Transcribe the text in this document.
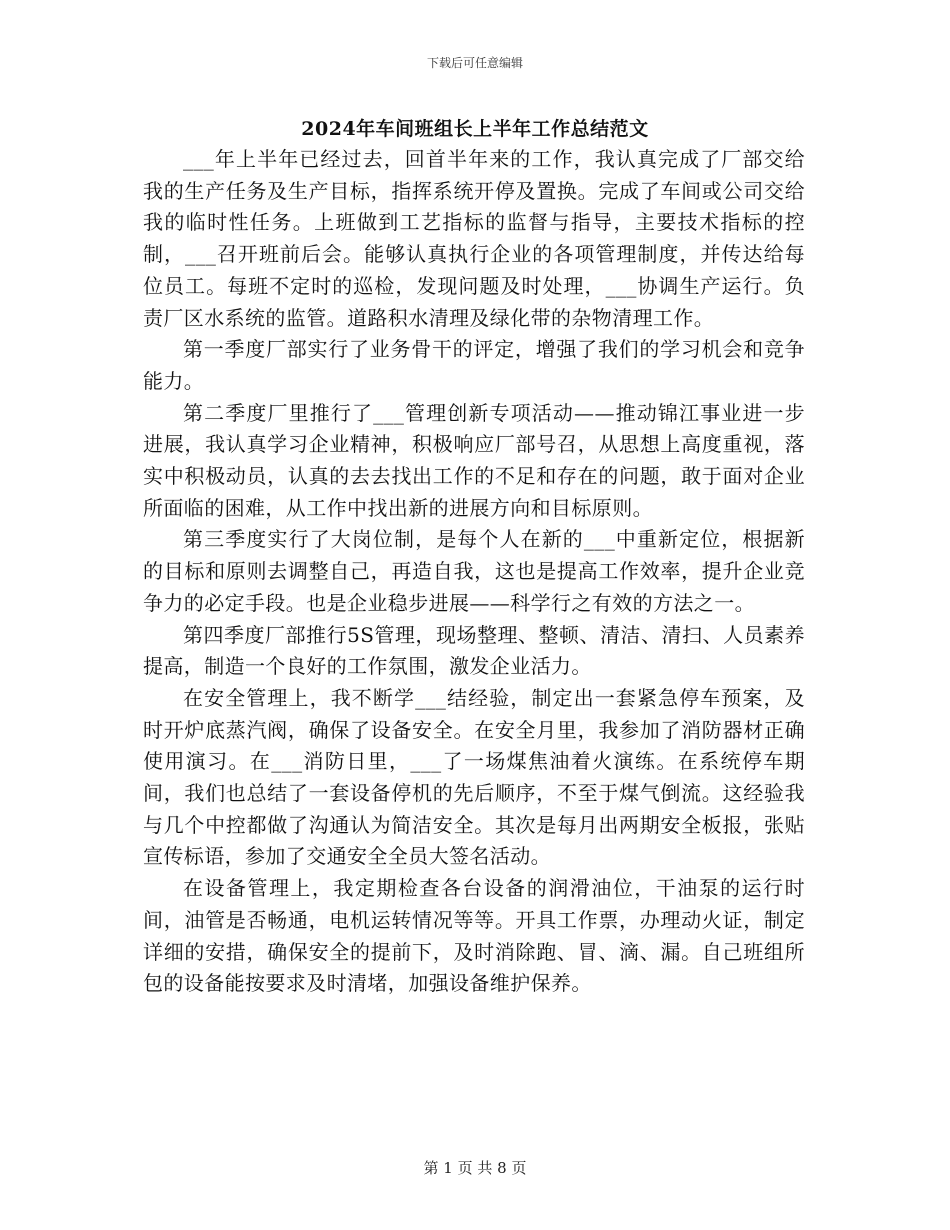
下载后可任意编辑
2024年车间班组长上半年工作总结范文

___年上半年已经过去，回首半年来的工作，我认真完成了厂部交给我的生产任务及生产目标，指挥系统开停及置换。完成了车间或公司交给我的临时性任务。上班做到工艺指标的监督与指导，主要技术指标的控制，___召开班前后会。能够认真执行企业的各项管理制度，并传达给每位员工。每班不定时的巡检，发现问题及时处理，___协调生产运行。负责厂区水系统的监管。道路积水清理及绿化带的杂物清理工作。

第一季度厂部实行了业务骨干的评定，增强了我们的学习机会和竞争能力。

第二季度厂里推行了___管理创新专项活动——推动锦江事业进一步进展，我认真学习企业精神，积极响应厂部号召，从思想上高度重视，落实中积极动员，认真的去去找出工作的不足和存在的问题，敢于面对企业所面临的困难，从工作中找出新的进展方向和目标原则。

第三季度实行了大岗位制，是每个人在新的___中重新定位，根据新的目标和原则去调整自己，再造自我，这也是提高工作效率，提升企业竞争力的必定手段。也是企业稳步进展——科学行之有效的方法之一。

第四季度厂部推行5S管理，现场整理、整顿、清洁、清扫、人员素养提高，制造一个良好的工作氛围，激发企业活力。

在安全管理上，我不断学___结经验，制定出一套紧急停车预案，及时开炉底蒸汽阀，确保了设备安全。在安全月里，我参加了消防器材正确使用演习。在___消防日里，___了一场煤焦油着火演练。在系统停车期间，我们也总结了一套设备停机的先后顺序，不至于煤气倒流。这经验我与几个中控都做了沟通认为简洁安全。其次是每月出两期安全板报，张贴宣传标语，参加了交通安全全员大签名活动。

在设备管理上，我定期检查各台设备的润滑油位，干油泵的运行时间，油管是否畅通，电机运转情况等等。开具工作票，办理动火证，制定详细的安措，确保安全的提前下，及时消除跑、冒、滴、漏。自己班组所包的设备能按要求及时清堵，加强设备维护保养。

第 1 页 共 8 页
